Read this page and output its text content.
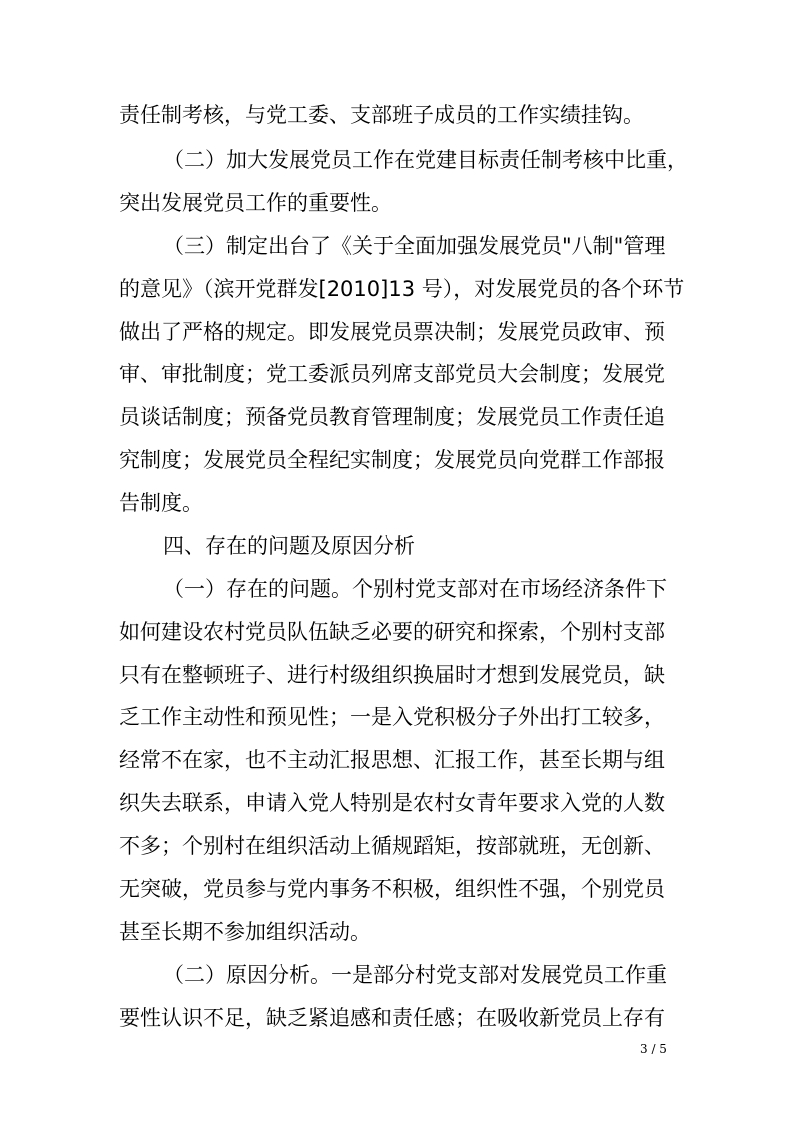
责任制考核，与党工委、支部班子成员的工作实绩挂钩。

（二）加大发展党员工作在党建目标责任制考核中比重，

突出发展党员工作的重要性。

（三）制定出台了《关于全面加强发展党员"八制"管理

的意见》（滨开党群发[2010]13 号），对发展党员的各个环节

做出了严格的规定。即发展党员票决制；发展党员政审、预

审、审批制度；党工委派员列席支部党员大会制度；发展党

员谈话制度；预备党员教育管理制度；发展党员工作责任追

究制度；发展党员全程纪实制度；发展党员向党群工作部报

告制度。

四、存在的问题及原因分析

（一）存在的问题。个别村党支部对在市场经济条件下

如何建设农村党员队伍缺乏必要的研究和探索，个别村支部

只有在整顿班子、进行村级组织换届时才想到发展党员，缺

乏工作主动性和预见性；一是入党积极分子外出打工较多，

经常不在家，也不主动汇报思想、汇报工作，甚至长期与组

织失去联系，申请入党人特别是农村女青年要求入党的人数

不多；个别村在组织活动上循规蹈矩，按部就班，无创新、

无突破，党员参与党内事务不积极，组织性不强，个别党员

甚至长期不参加组织活动。

（二）原因分析。一是部分村党支部对发展党员工作重

要性认识不足，缺乏紧追感和责任感；在吸收新党员上存有

3 / 5
